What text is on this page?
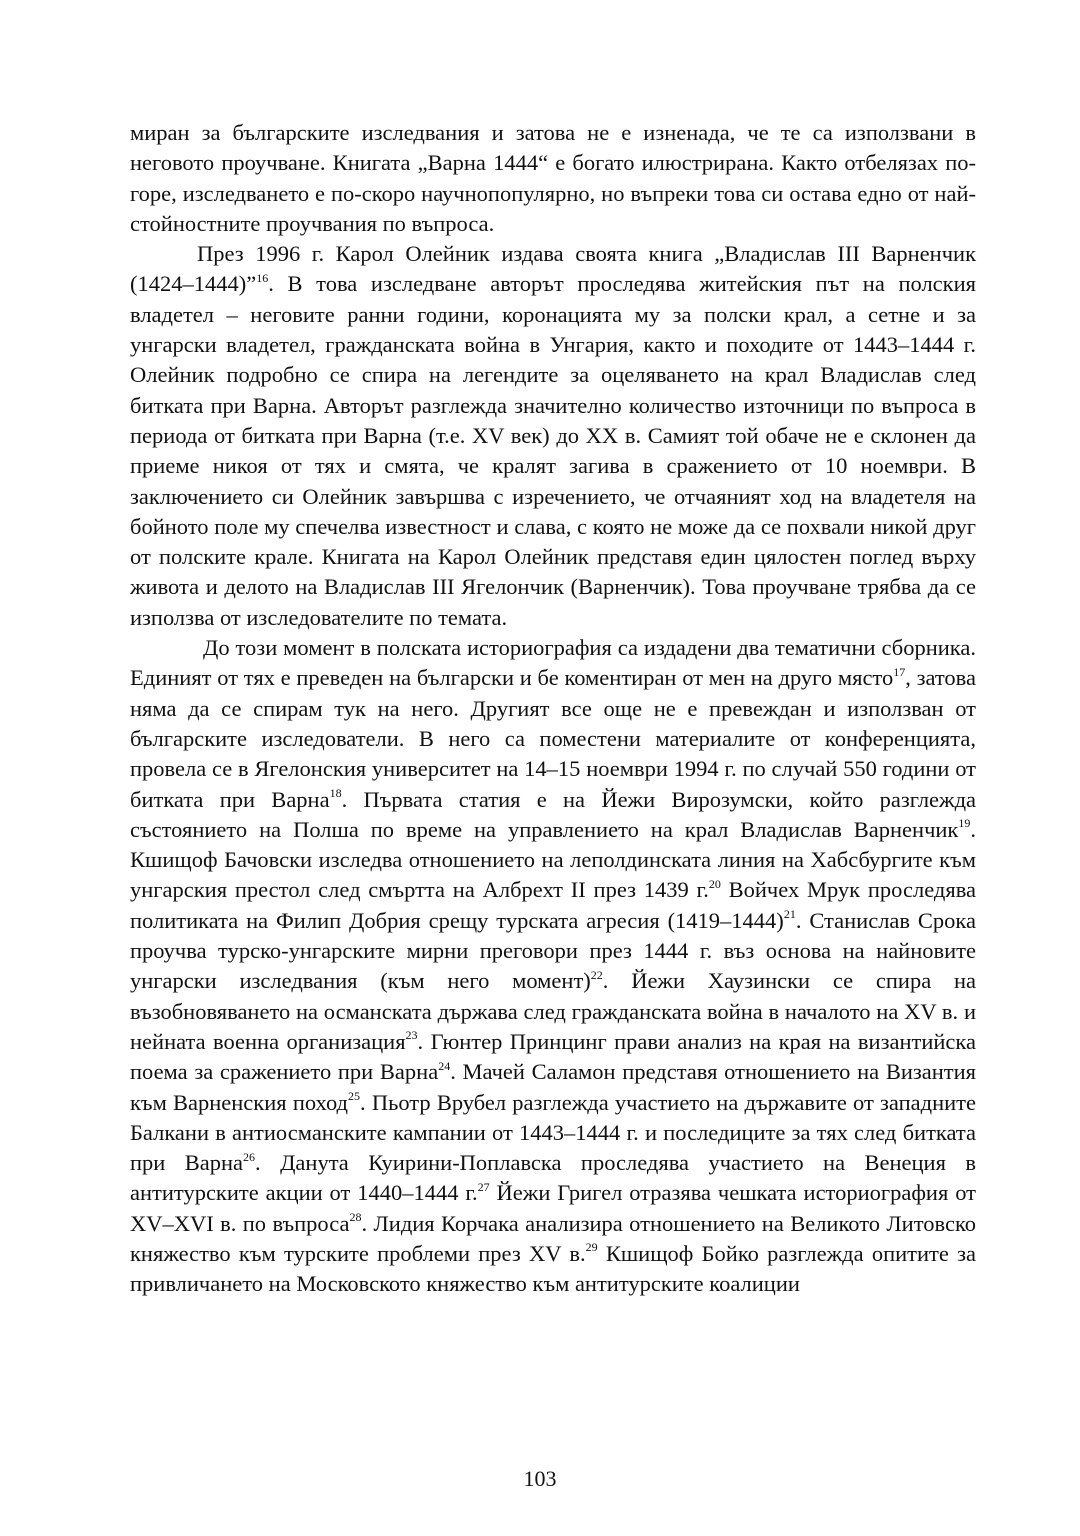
миран за българските изследвания и затова не е изненада, че те са използвани в неговото проучване. Книгата „Варна 1444“ е богато илюстрирана. Както отбелязах по-горе, изследването е по-скоро научнопопулярно, но въпреки това си остава едно от най-стойностните проучвания по въпроса.

През 1996 г. Карол Олейник издава своята книга „Владислав III Варненчик (1424–1444)”$^{16}$. В това изследване авторът проследява житейския път на полския владетел – неговите ранни години, коронацията му за полски крал, а сетне и за унгарски владетел, гражданската война в Унгария, както и походите от 1443–1444 г. Олейник подробно се спира на легендите за оцеляването на крал Владислав след битката при Варна. Авторът разглежда значително количество източници по въпроса в периода от битката при Варна (т.е. XV век) до XX в. Самият той обаче не е склонен да приеме никоя от тях и смята, че кралят загива в сражението от 10 ноември. В заключението си Олейник завършва с изречението, че отчаяният ход на владетеля на бойното поле му спечелва известност и слава, с която не може да се похвали никой друг от полските крале. Книгата на Карол Олейник представя един цялостен поглед върху живота и делото на Владислав III Ягелончик (Варненчик). Това проучване трябва да се използва от изследователите по темата.

До този момент в полската историография са издадени два тематични сборника. Единият от тях е преведен на български и бе коментиран от мен на друго място$^{17}$, затова няма да се спирам тук на него. Другият все още не е превеждан и използван от българските изследователи. В него са поместени материалите от конференцията, провела се в Ягелонския университет на 14–15 ноември 1994 г. по случай 550 години от битката при Варна$^{18}$. Първата статия е на Йежи Вирозумски, който разглежда състоянието на Полша по време на управлението на крал Владислав Варненчик$^{19}$. Кшищоф Бачовски изследва отношението на леполдинската линия на Хабсбургите към унгарския престол след смъртта на Албрехт II през 1439 г.$^{20}$ Войчех Мрук проследява политиката на Филип Добрия срещу турската агресия (1419–1444)$^{21}$. Станислав Срока проучва турско-унгарските мирни преговори през 1444 г. въз основа на найновите унгарски изследвания (към него момент)$^{22}$. Йежи Хаузински се спира на възобновяването на османската държава след гражданската война в началото на XV в. и нейната военна организация$^{23}$. Гюнтер Принцинг прави анализ на края на византийска поема за сражението при Варна$^{24}$. Мачей Саламон представя отношението на Византия към Варненския поход$^{25}$. Пьотр Врубел разглежда участието на държавите от западните Балкани в антиосманските кампании от 1443–1444 г. и последиците за тях след битката при Варна$^{26}$. Данута Куирини-Поплавска проследява участието на Венеция в антитурските акции от 1440–1444 г.$^{27}$ Йежи Григел отразява чешката историография от XV–XVI в. по въпроса$^{28}$. Лидия Корчака анализира отношението на Великото Литовско княжество към турските проблеми през XV в.$^{29}$ Кшищоф Бойко разглежда опитите за привличането на Московското княжество към антитурските коалиции

103
